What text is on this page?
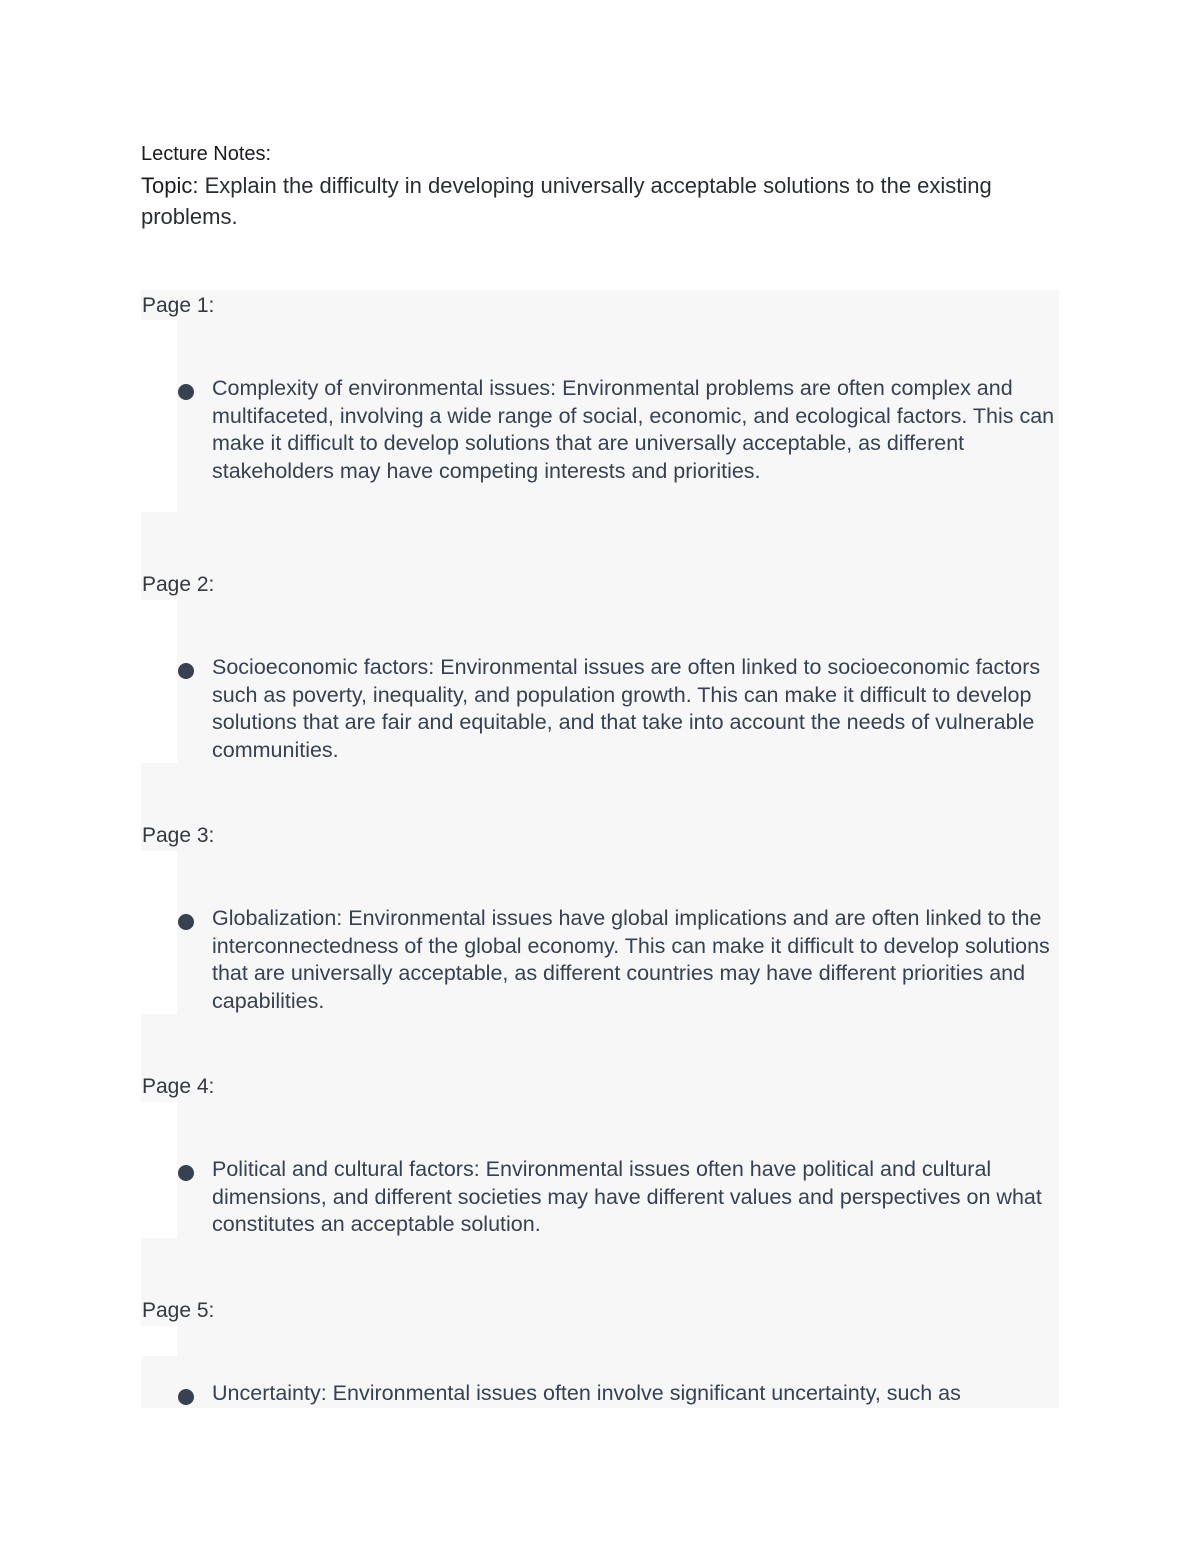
Lecture Notes:
Topic: Explain the difficulty in developing universally acceptable solutions to the existing problems.
Page 1:
Complexity of environmental issues: Environmental problems are often complex and multifaceted, involving a wide range of social, economic, and ecological factors. This can make it difficult to develop solutions that are universally acceptable, as different stakeholders may have competing interests and priorities.
Page 2:
Socioeconomic factors: Environmental issues are often linked to socioeconomic factors such as poverty, inequality, and population growth. This can make it difficult to develop solutions that are fair and equitable, and that take into account the needs of vulnerable communities.
Page 3:
Globalization: Environmental issues have global implications and are often linked to the interconnectedness of the global economy. This can make it difficult to develop solutions that are universally acceptable, as different countries may have different priorities and capabilities.
Page 4:
Political and cultural factors: Environmental issues often have political and cultural dimensions, and different societies may have different values and perspectives on what constitutes an acceptable solution.
Page 5:
Uncertainty: Environmental issues often involve significant uncertainty, such as
